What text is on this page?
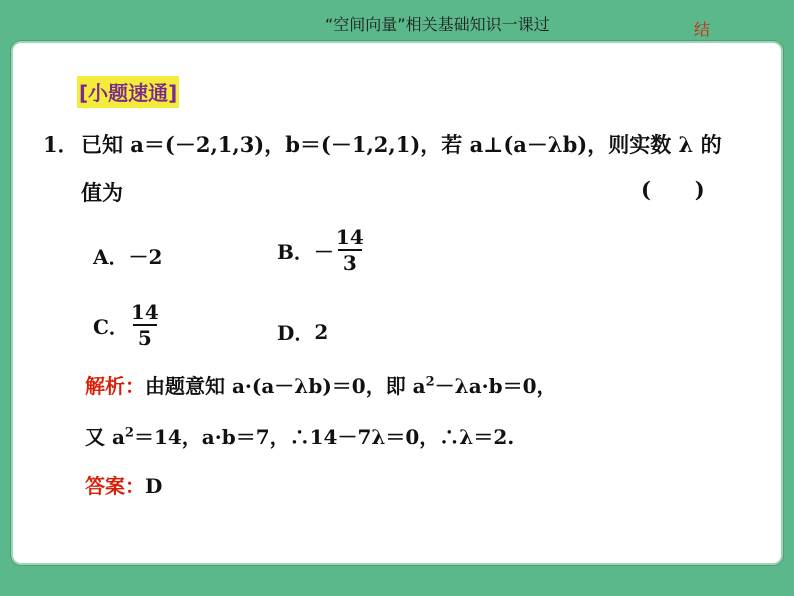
“空间向量”相关基础知识一课过	结
[小题速通]
1． 已知 a＝(－2,1,3)，b＝(－1,2,1)，若 a⊥(a－λb)，则实数 λ 的
值为	(      )
A． －2	B． － $\frac{14}{3}$
C． $\frac{14}{5}$	D． 2
解析：由题意知 a·(a－λb)＝0，即 $a^2-\lambda a\cdot b=0$，
又 $a^2=14$，a·b＝7，∴14－7λ＝0，∴λ＝2.
答案：D
